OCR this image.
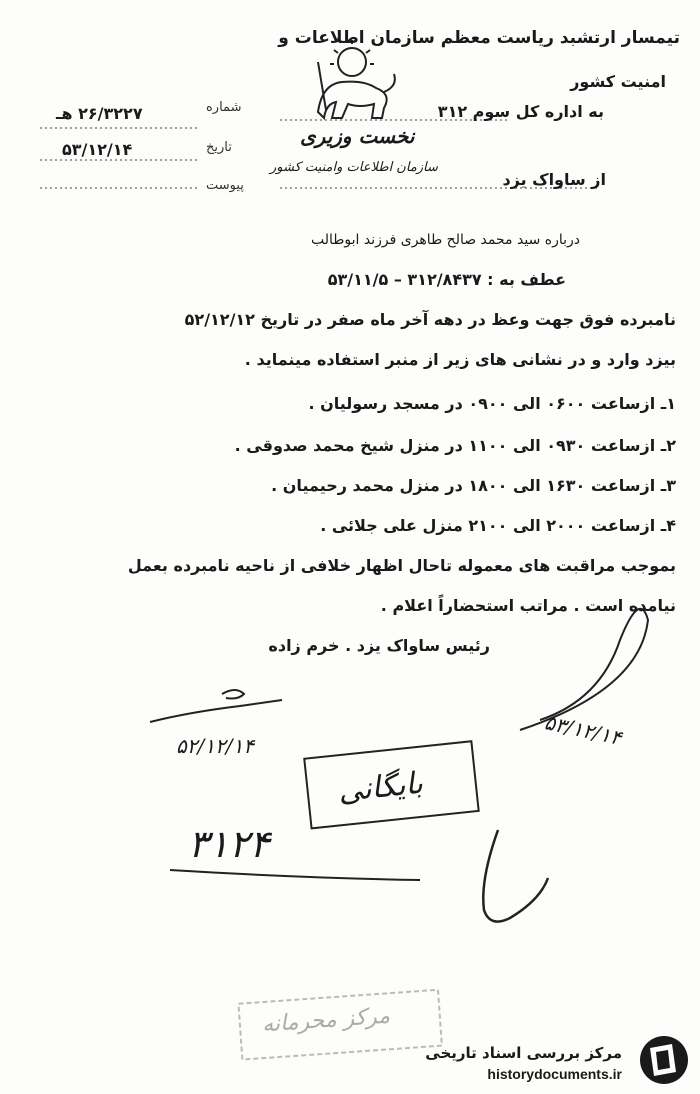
تیمسار ارتشبد ریاست معظم سازمان اطلاعات و
امنیت کشور
به اداره کل سوم ۳۱۲
از ساواک یزد
شماره
تاریخ
پیوست
۲۶/۳۲۲۷ هـ
۵۳/۱۲/۱۴
نخست وزیری
سازمان اطلاعات وامنیت کشور
درباره سید محمد صالح طاهری فرزند ابوطالب
عطف به : ۳۱۲/۸۴۳۷ – ۵۳/۱۱/۵
نامبرده فوق جهت وعظ در دهه آخر ماه صفر در تاریخ ۵۲/۱۲/۱۲
بیزد وارد و در نشانی های زیر از منبر استفاده مینماید .
۱ـ ازساعت ۰۶۰۰ الی ۰۹۰۰ در مسجد رسولیان .
۲ـ ازساعت ۰۹۳۰ الی ۱۱۰۰ در منزل شیخ محمد صدوقی .
۳ـ ازساعت ۱۶۳۰ الی ۱۸۰۰ در منزل محمد رحیمیان .
۴ـ ازساعت ۲۰۰۰ الی ۲۱۰۰ منزل علی جلائی .
بموجب مراقبت های معموله تاحال اظهار خلافی از ناحیه نامبرده بعمل
نیامده است . مراتب استحضاراً اعلام .
رئیس ساواک یزد . خرم زاده
۵۲/۱۲/۱۴	۵۳/۱۲/۱۴
بایگانی
۳۱۲۴
مرکز محرمانه
مرکز بررسی اسناد تاریخی
historydocuments.ir
